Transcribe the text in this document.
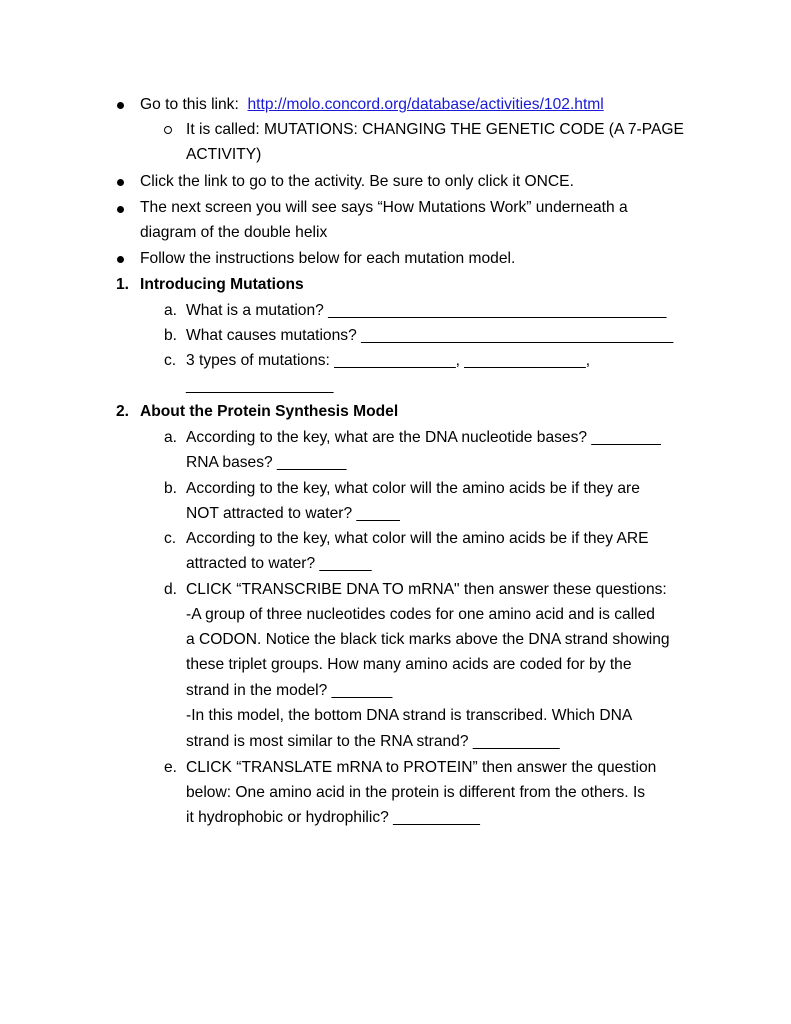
Go to this link: http://molo.concord.org/database/activities/102.html
It is called: MUTATIONS: CHANGING THE GENETIC CODE (A 7-PAGE
ACTIVITY)
Click the link to go to the activity. Be sure to only click it ONCE.
The next screen you will see says “How Mutations Work” underneath a
diagram of the double helix
Follow the instructions below for each mutation model.
1. Introducing Mutations
a. What is a mutation? _______________________________________
b. What causes mutations? ____________________________________
c. 3 types of mutations: ______________, ______________,
_________________
2. About the Protein Synthesis Model
a. According to the key, what are the DNA nucleotide bases? ________
RNA bases? ________
b. According to the key, what color will the amino acids be if they are
NOT attracted to water? _____
c. According to the key, what color will the amino acids be if they ARE
attracted to water? ______
d. CLICK “TRANSCRIBE DNA TO mRNA" then answer these questions:
-A group of three nucleotides codes for one amino acid and is called
a CODON. Notice the black tick marks above the DNA strand showing
these triplet groups. How many amino acids are coded for by the
strand in the model? _______
-In this model, the bottom DNA strand is transcribed. Which DNA
strand is most similar to the RNA strand? __________
e. CLICK “TRANSLATE mRNA to PROTEIN” then answer the question
below: One amino acid in the protein is different from the others. Is
it hydrophobic or hydrophilic? __________
